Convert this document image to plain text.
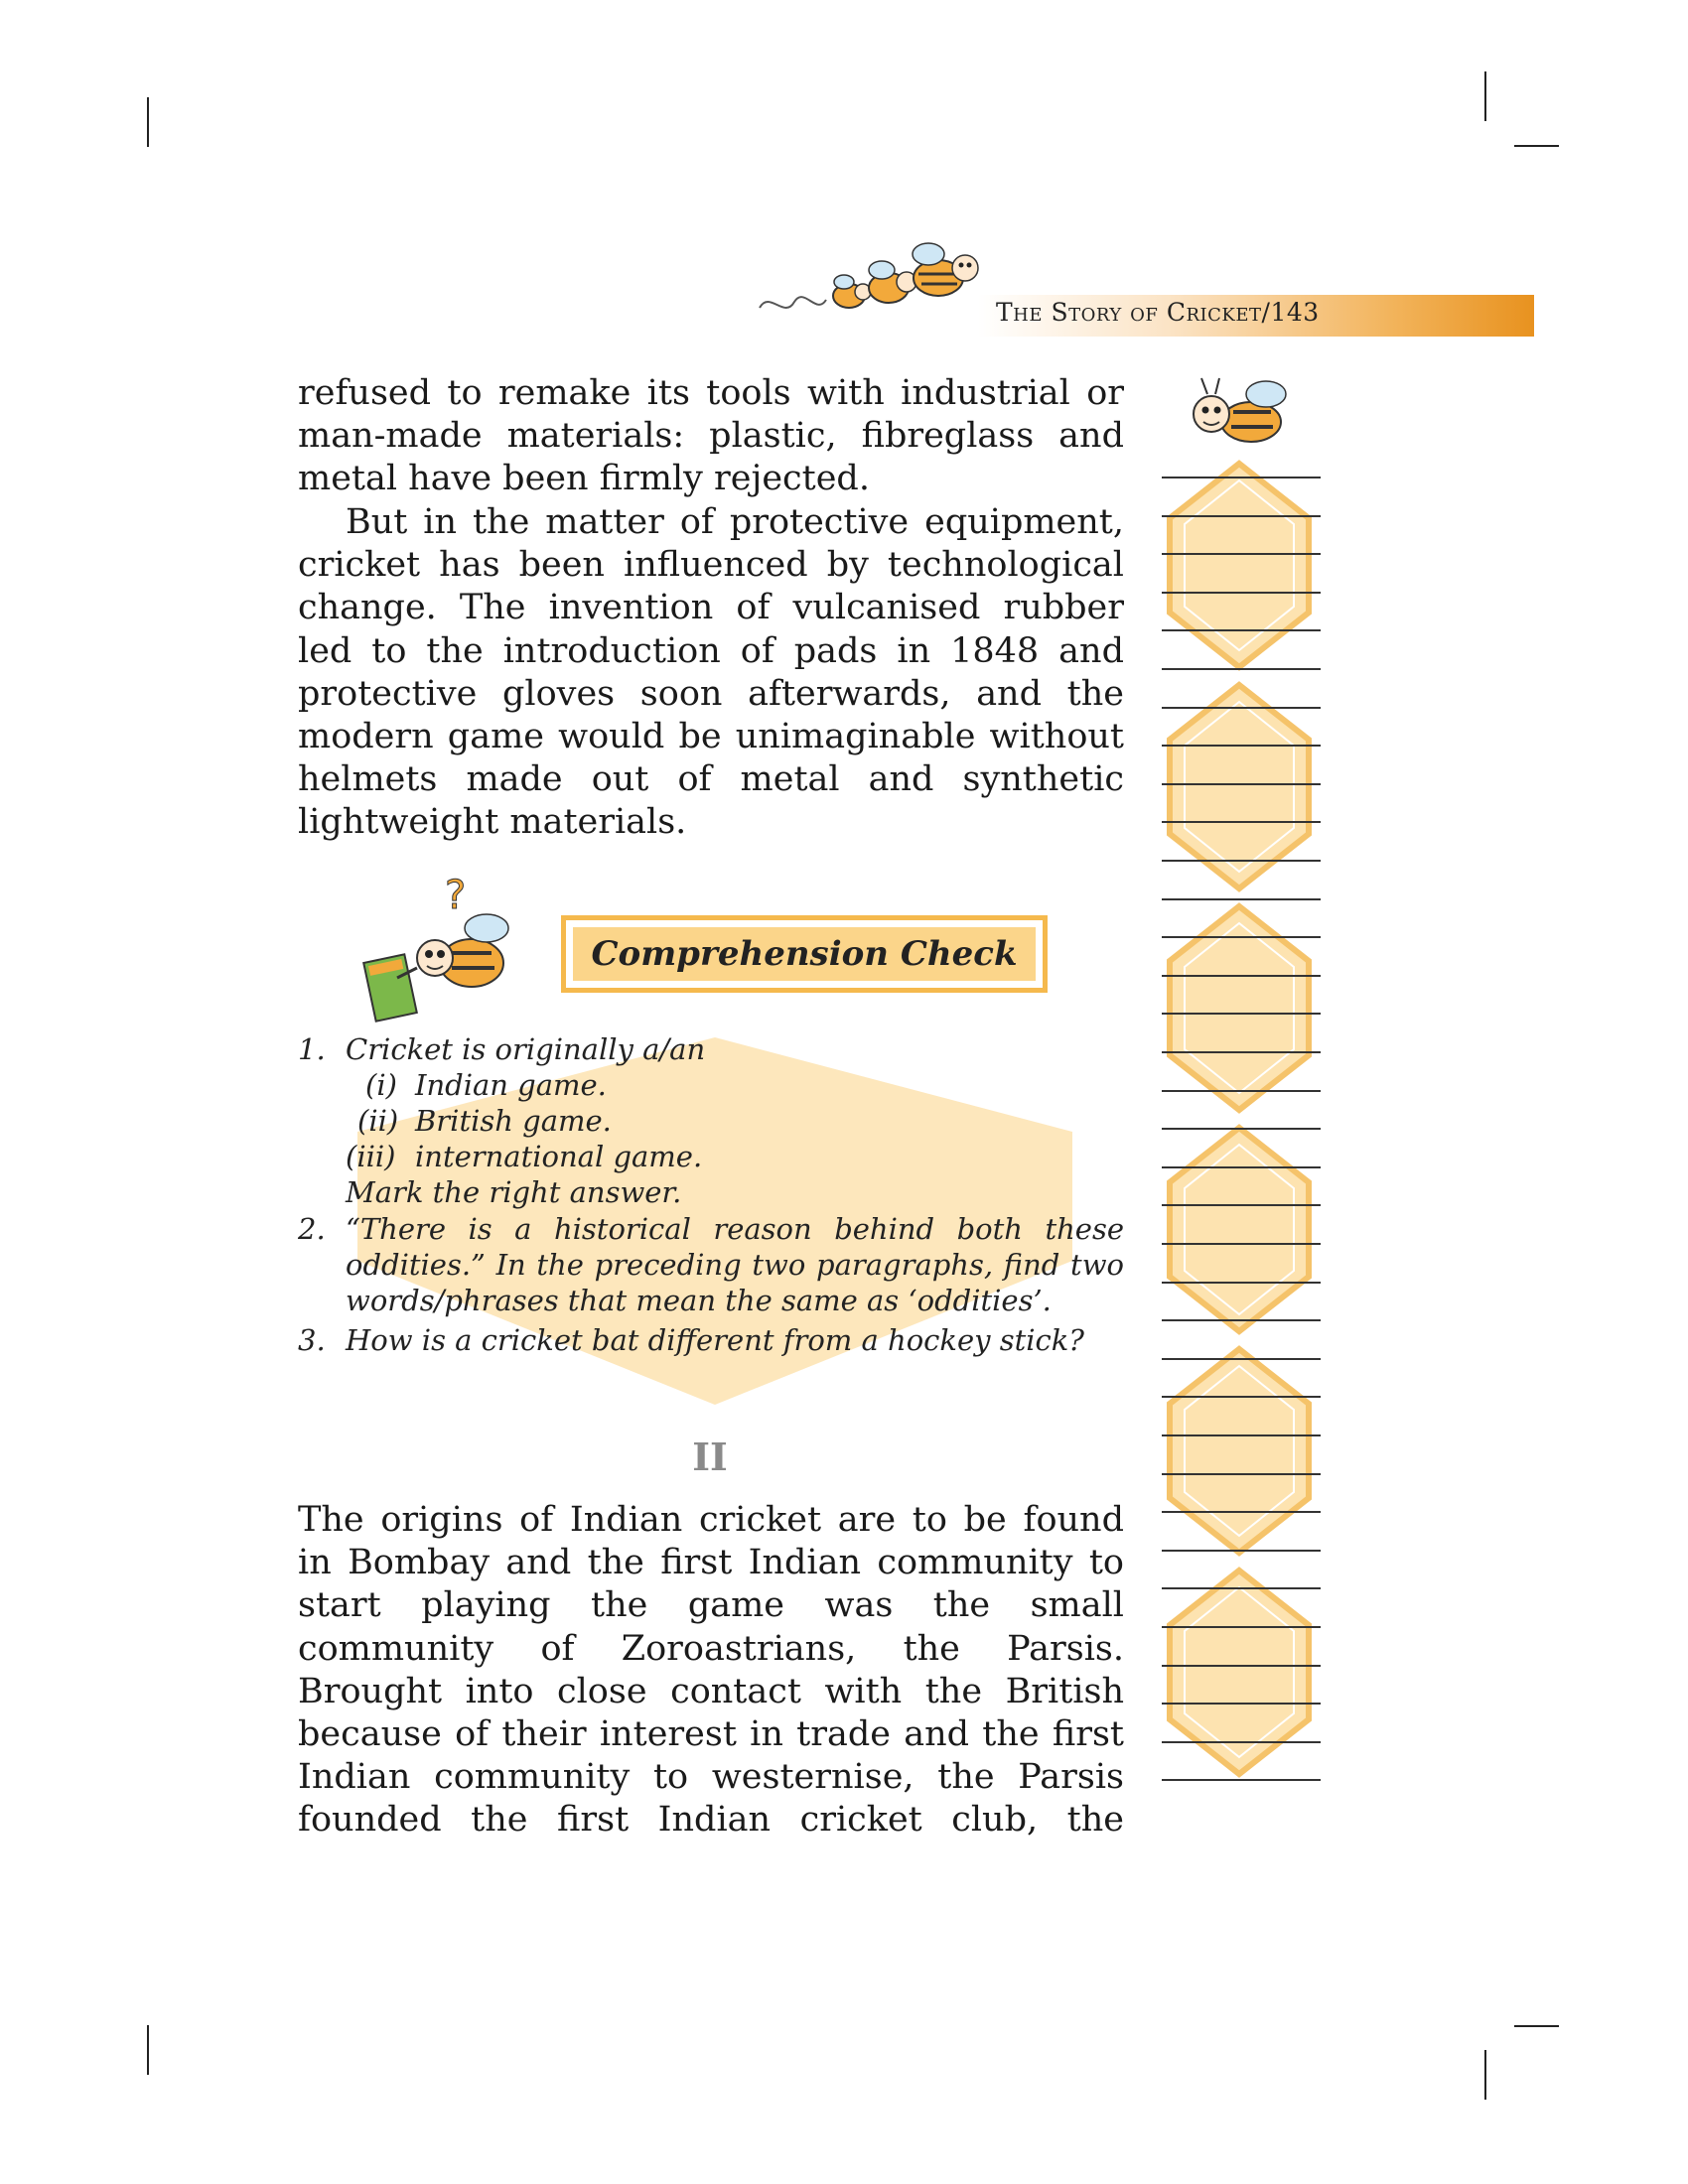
The Story of Cricket/143
refused to remake its tools with industrial or
man-made materials: plastic, fibreglass and
metal have been firmly rejected.

But in the matter of protective equipment, cricket has been influenced by technological change. The invention of vulcanised rubber led to the introduction of pads in 1848 and protective gloves soon afterwards, and the modern game would be unimaginable without helmets made out of metal and synthetic lightweight materials.

?
Comprehension Check
1. Cricket is originally a/an
(i) Indian game.
(ii) British game.
(iii) international game.
Mark the right answer.
2. “There is a historical reason behind both these
oddities.” In the preceding two paragraphs, find two
words/phrases that mean the same as ‘oddities’.
3. How is a cricket bat different from a hockey stick?
II

The origins of Indian cricket are to be found in Bombay and the first Indian community to start playing the game was the small community of Zoroastrians, the Parsis. Brought into close contact with the British because of their interest in trade and the first Indian community to westernise, the Parsis founded the first Indian cricket club, the
